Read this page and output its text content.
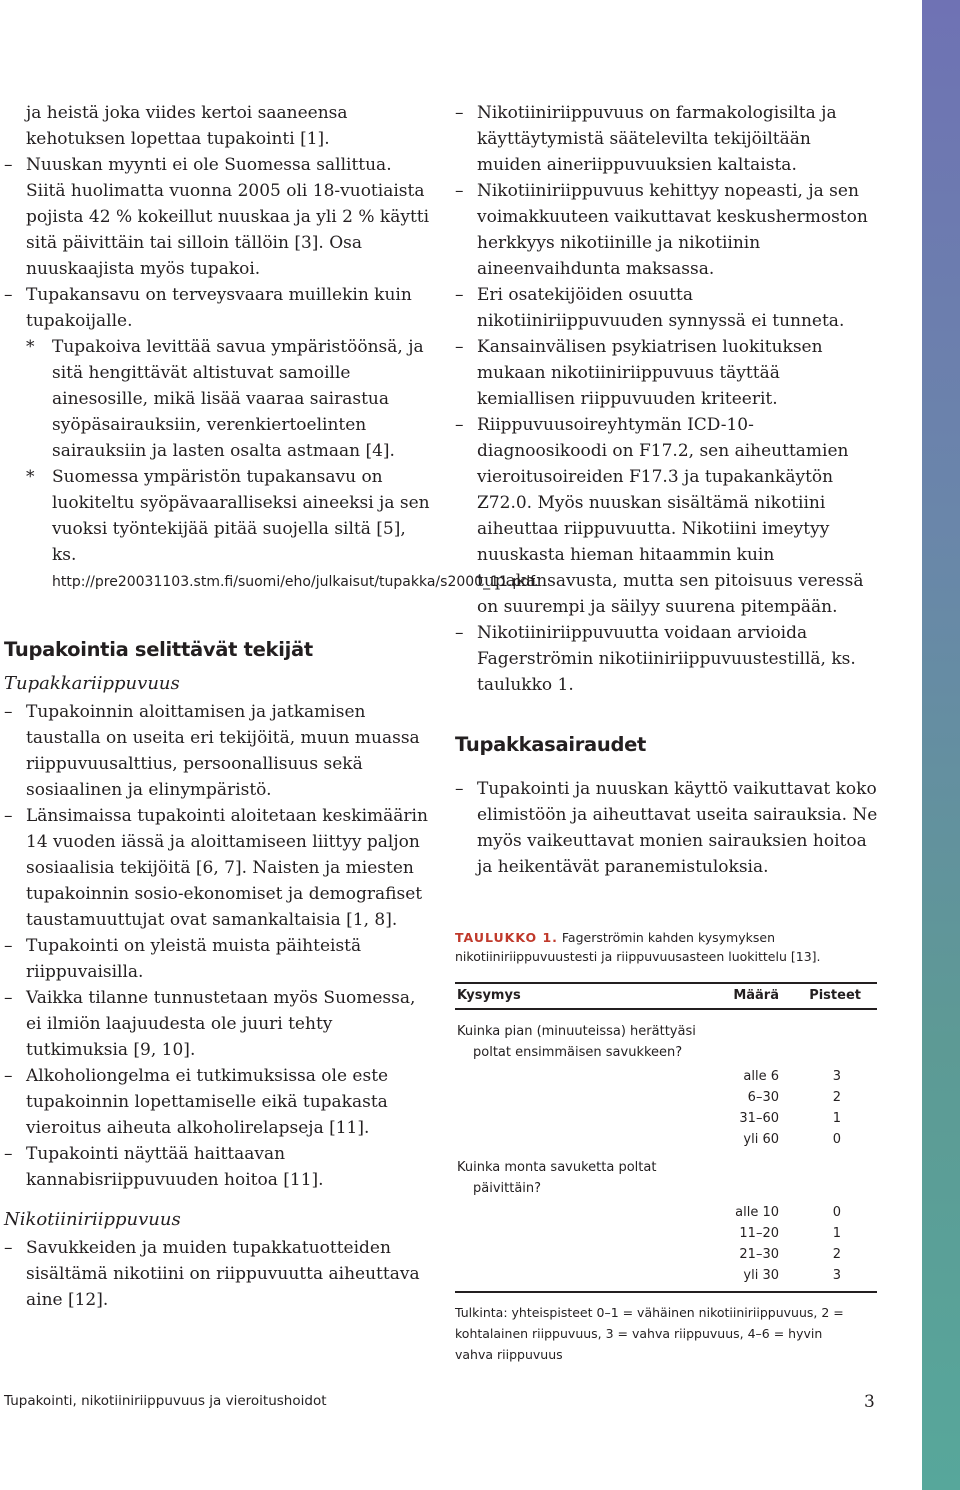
ja heistä joka viides kertoi saaneensa kehotuksen lopettaa tupakointi [1].
– Nuuskan myynti ei ole Suomessa sallittua. Siitä huolimatta vuonna 2005 oli 18-vuotiaista pojista 42 % kokeillut nuuskaa ja yli 2 % käytti sitä päivittäin tai silloin tällöin [3]. Osa nuuskaajista myös tupakoi.
– Tupakansavu on terveysvaara muillekin kuin tupakoijalle.
* Tupakoiva levittää savua ympäristöönsä, ja sitä hengittävät altistuvat samoille ainesosille, mikä lisää vaaraa sairastua syöpäsairauksiin, verenkiertoelinten sairauksiin ja lasten osalta astmaan [4].
* Suomessa ympäristön tupakansavu on luokiteltu syöpävaaralliseksi aineeksi ja sen vuoksi työntekijää pitää suojella siltä [5], ks. http://pre20031103.stm.fi/suomi/eho/julkaisut/tupakka/s2000_11.pdf.
Tupakointia selittävät tekijät
Tupakkariippuvuus
– Tupakoinnin aloittamisen ja jatkamisen taustalla on useita eri tekijöitä, muun muassa riippuvuusalttius, persoonallisuus sekä sosiaalinen ja elinympäristö.
– Länsimaissa tupakointi aloitetaan keskimäärin 14 vuoden iässä ja aloittamiseen liittyy paljon sosiaalisia tekijöitä [6, 7]. Naisten ja miesten tupakoinnin sosio-ekonomiset ja demografiset taustamuuttujat ovat samankaltaisia [1, 8].
– Tupakointi on yleistä muista päihteistä riippuvaisilla.
– Vaikka tilanne tunnustetaan myös Suomessa, ei ilmiön laajuudesta ole juuri tehty tutkimuksia [9, 10].
– Alkoholiongelma ei tutkimuksissa ole este tupakoinnin lopettamiselle eikä tupakasta vieroitus aiheuta alkoholirelapseja [11].
– Tupakointi näyttää haittaavan kannabisriippuvuuden hoitoa [11].
Nikotiiniriippuvuus
– Savukkeiden ja muiden tupakkatuotteiden sisältämä nikotiini on riippuvuutta aiheuttava aine [12].
– Nikotiiniriippuvuus on farmakologisilta ja käyttäytymistä säätelevilta tekijöiltään muiden aineriippuvuuksien kaltaista.
– Nikotiiniriippuvuus kehittyy nopeasti, ja sen voimakkuuteen vaikuttavat keskushermoston herkkyys nikotiinille ja nikotiinin aineenvaihdunta maksassa.
– Eri osatekijöiden osuutta nikotiiniriippuvuuden synnyssä ei tunneta.
– Kansainvälisen psykiatrisen luokituksen mukaan nikotiiniriippuvuus täyttää kemiallisen riippuvuuden kriteerit.
– Riippuvuusoireyhtymän ICD-10-diagnoosikoodi on F17.2, sen aiheuttamien vieroitusoireiden F17.3 ja tupakankäytön Z72.0. Myös nuuskan sisältämä nikotiini aiheuttaa riippuvuutta. Nikotiini imeytyy nuuskasta hieman hitaammin kuin tupakansavusta, mutta sen pitoisuus veressä on suurempi ja säilyy suurena pitempään.
– Nikotiiniriippuvuutta voidaan arvioida Fagerströmin nikotiiniriippuvuustestillä, ks. taulukko 1.
Tupakkasairaudet
– Tupakointi ja nuuskan käyttö vaikuttavat koko elimistöön ja aiheuttavat useita sairauksia. Ne myös vaikeuttavat monien sairauksien hoitoa ja heikentävät paranemistuloksia.
TAULUKKO 1. Fagerströmin kahden kysymyksen nikotiiniriippuvuustesti ja riippuvuusasteen luokittelu [13].
Kysymys	Määrä	Pisteet

Kuinka pian (minuuteissa) herättyäsi poltat ensimmäisen savukkeen?		

	alle 6	3
	6–30	2
	31–60	1
	yli 60	0

Kuinka monta savuketta poltat päivittäin?		

	alle 10	0
	11–20	1
	21–30	2
	yli 30	3
Tulkinta: yhteispisteet 0–1 = vähäinen nikotiiniriippuvuus, 2 = kohtalainen riippuvuus, 3 = vahva riippuvuus, 4–6 = hyvin vahva riippuvuus
Tupakointi, nikotiiniriippuvuus ja vieroitushoidot	3
